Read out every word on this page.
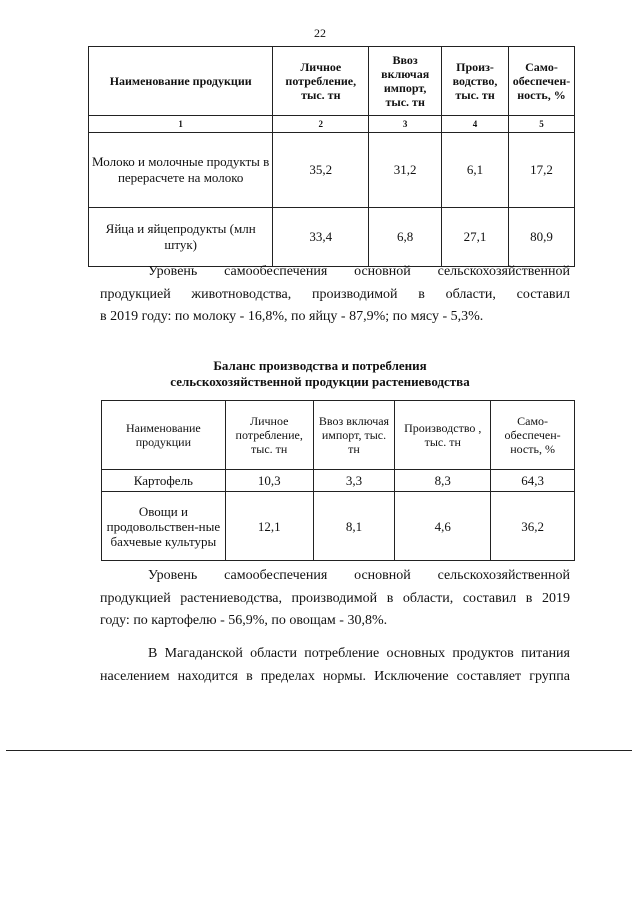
22
Наименование продукции	Личное потребление, тыс. тн	Ввоз включая импорт, тыс. тн	Произ-водство, тыс. тн	Само-обеспечен-ность, %
1	2	3	4	5
Молоко и молочные продукты в перерасчете на молоко	35,2	31,2	6,1	17,2
Яйца и яйцепродукты (млн штук)	33,4	6,8	27,1	80,9
Уровень самообеспечения основной сельскохозяйственной
продукцией животноводства, производимой в области, составил
в 2019 году: по молоку - 16,8%, по яйцу - 87,9%; по мясу - 5,3%.
Баланс производства и потребления
сельскохозяйственной продукции растениеводства
Наименование продукции	Личное потребление, тыс. тн	Ввоз включая импорт, тыс. тн	Производство , тыс. тн	Само-обеспечен-ность, %
Картофель	10,3	3,3	8,3	64,3
Овощи и продовольствен-ные бахчевые культуры	12,1	8,1	4,6	36,2
Уровень самообеспечения основной сельскохозяйственной
продукцией растениеводства, производимой в области, составил в 2019
году: по картофелю - 56,9%, по овощам - 30,8%.
В Магаданской области потребление основных продуктов питания
населением находится в пределах нормы. Исключение составляет группа
